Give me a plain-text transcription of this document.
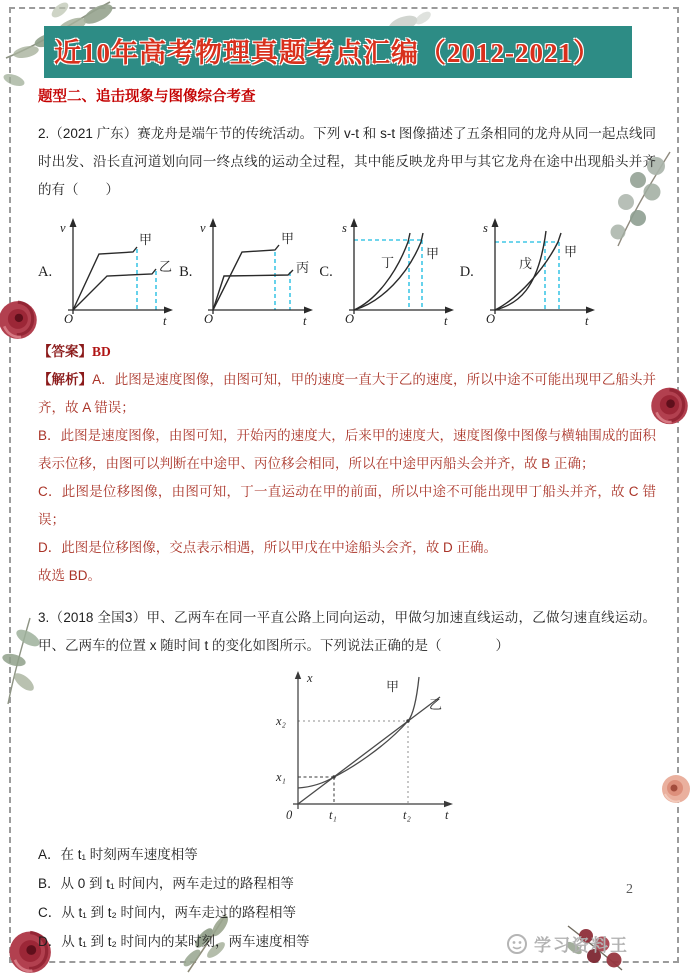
近10年高考物理真题考点汇编（2012-2021）
题型二、追击现象与图像综合考查

2.（2021 广东）赛龙舟是端午节的传统活动。下列 v-t 和 s-t 图像描述了五条相同的龙舟从同一起点线同时出发、沿长直河道划向同一终点线的运动全过程，其中能反映龙舟甲与其它龙舟在途中出现船头并齐的有（　　）

A.
v
t
O
甲
乙 B.
v
t
O
甲
丙 C.
s
t
O
丁
甲
D.
s
t
O
戊
甲

【答案】BD

【解析】A．此图是速度图像，由图可知，甲的速度一直大于乙的速度，所以中途不可能出现甲乙船头并齐，故 A 错误；

B．此图是速度图像，由图可知，开始丙的速度大，后来甲的速度大，速度图像中图像与横轴围成的面积表示位移，由图可以判断在中途甲、丙位移会相同，所以在中途甲丙船头会并齐，故 B 正确；

C．此图是位移图像，由图可知，丁一直运动在甲的前面，所以中途不可能出现甲丁船头并齐，故 C 错误；

D．此图是位移图像，交点表示相遇，所以甲戊在中途船头会齐，故 D 正确。

故选 BD。

3.（2018 全国3）甲、乙两车在同一平直公路上同向运动，甲做匀加速直线运动，乙做匀速直线运动。甲、乙两车的位置 x 随时间 t 的变化如图所示。下列说法正确的是（　　　　）

x
t
0
x₂
x₁
t₁	t₂
甲
乙

A．在 t₁ 时刻两车速度相等

B．从 0 到 t₁ 时间内，两车走过的路程相等

C．从 t₁ 到 t₂ 时间内，两车走过的路程相等

D．从 t₁ 到 t₂ 时间内的某时刻，两车速度相等

2
学习资料王
